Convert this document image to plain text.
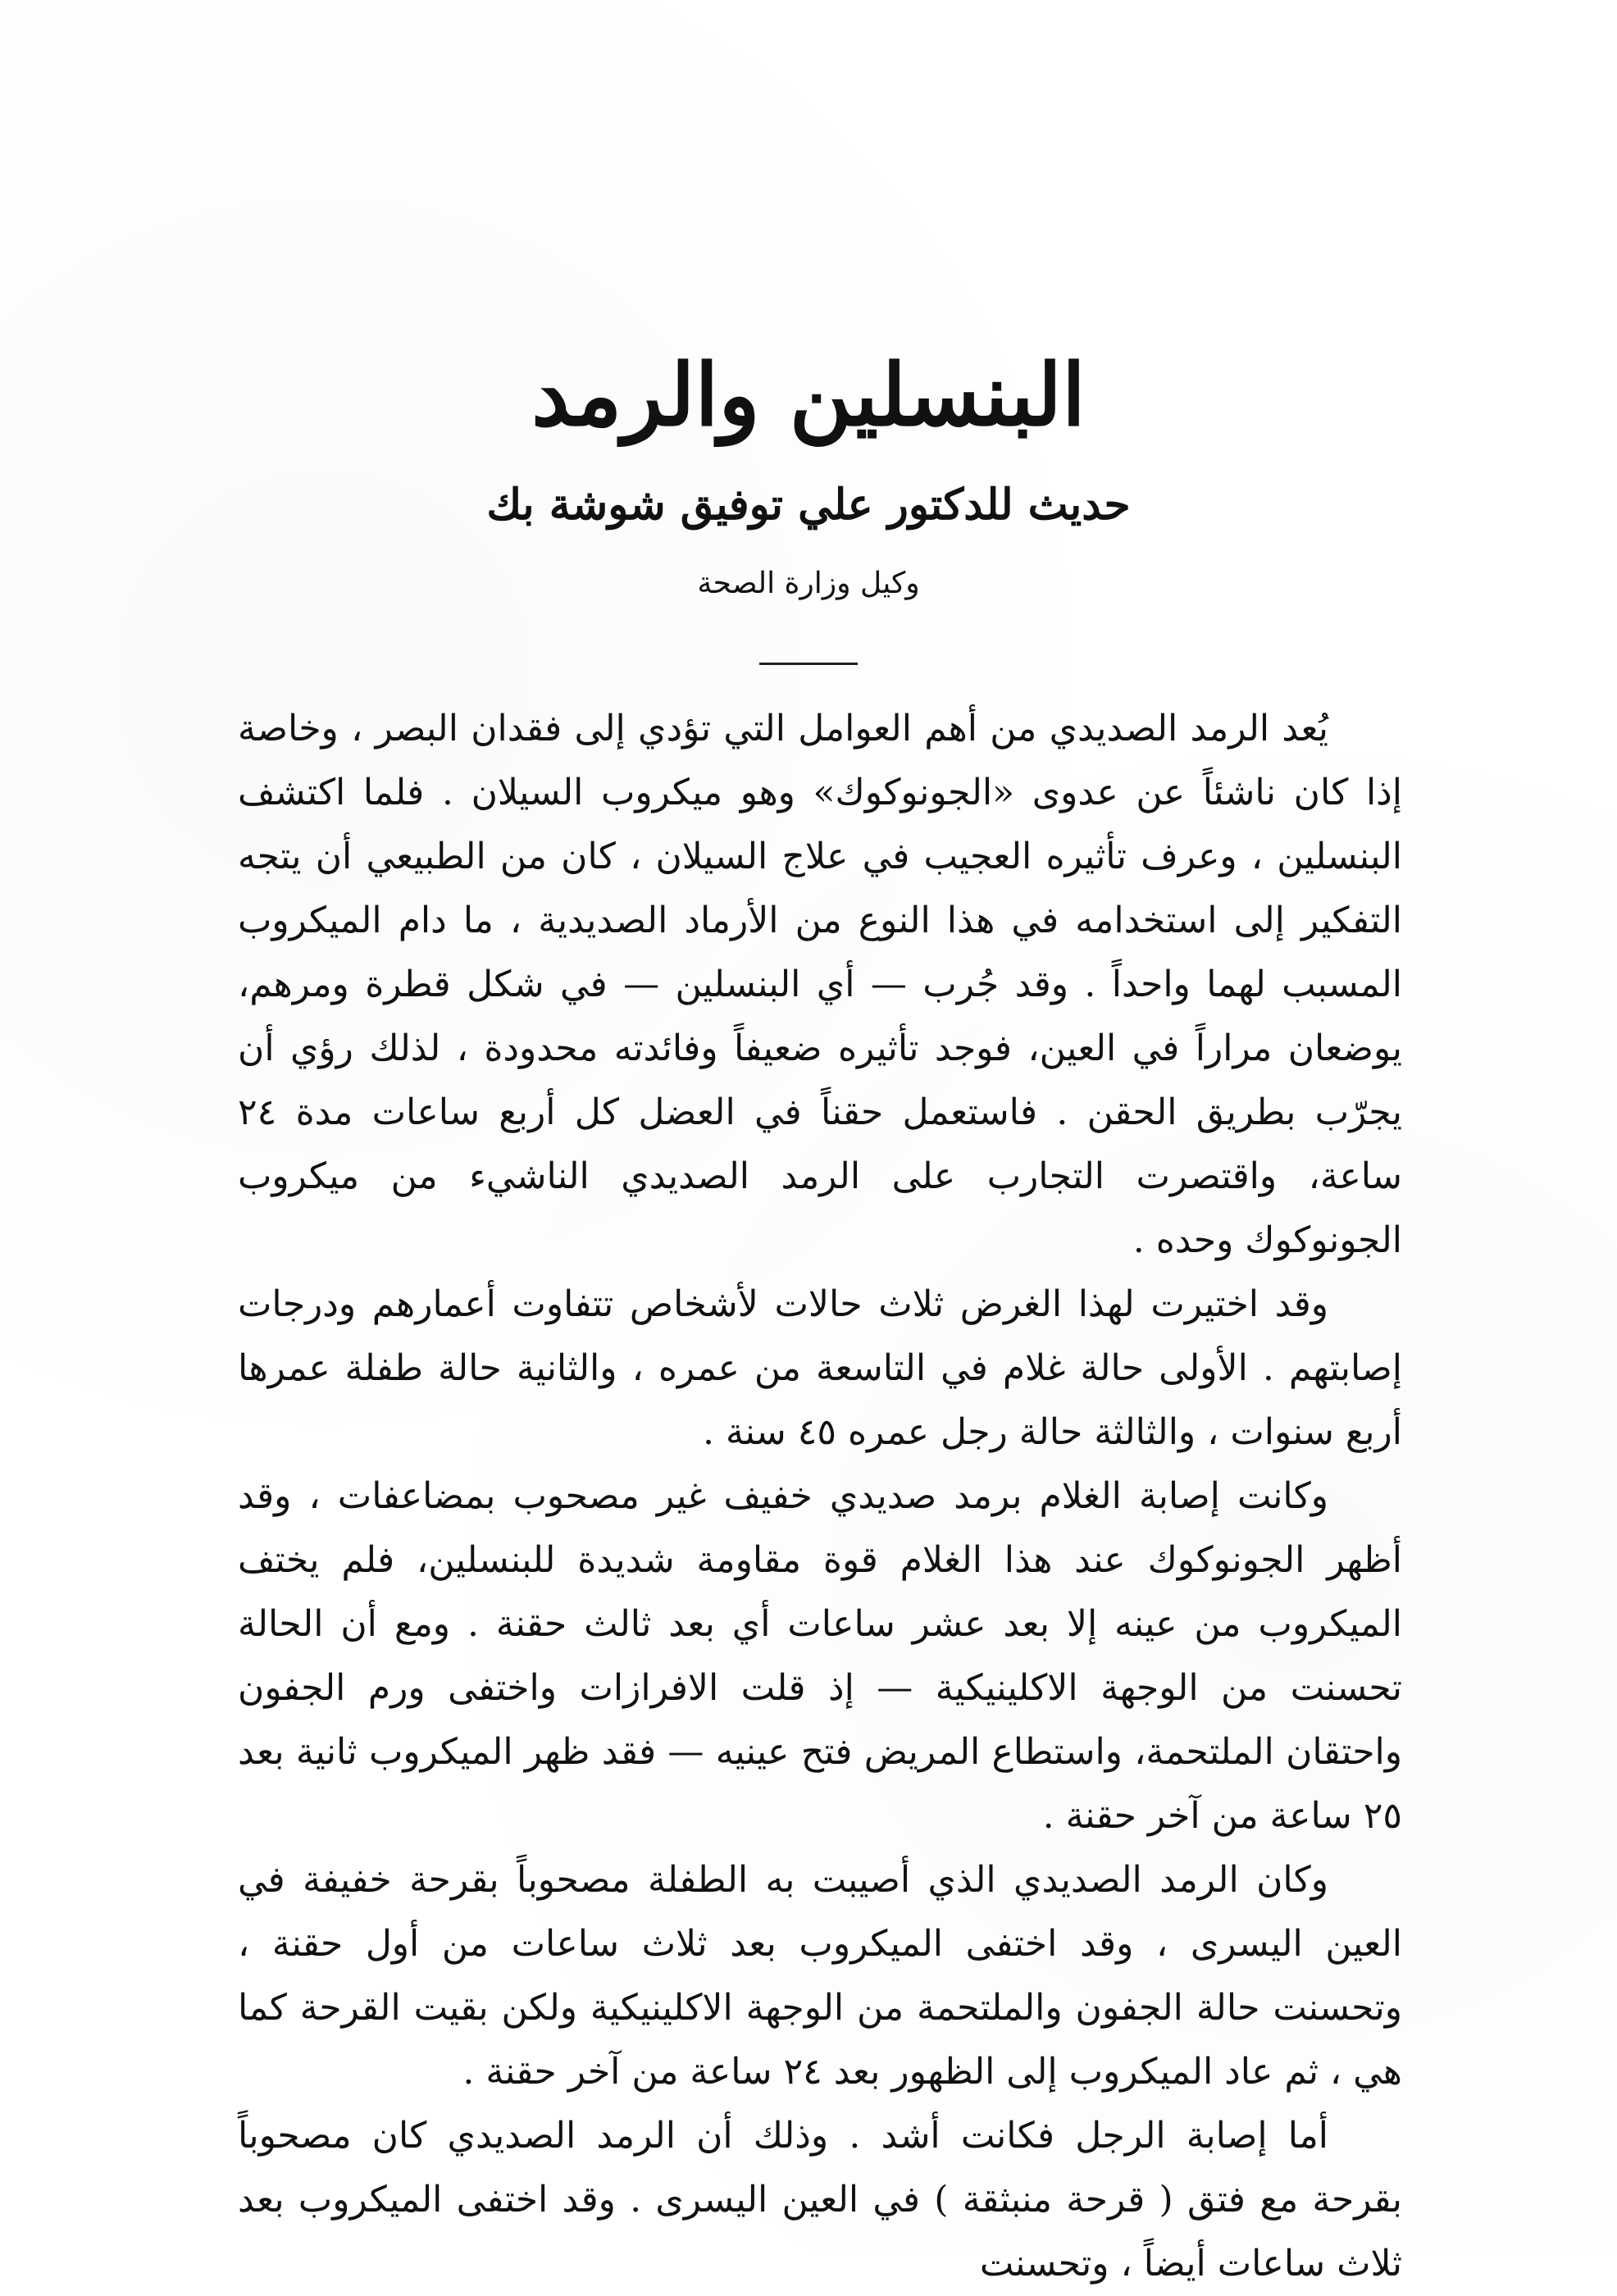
البنسلين والرمد
حديث للدكتور علي توفيق شوشة بك
وكيل وزارة الصحة

يُعد الرمد الصديدي من أهم العوامل التي تؤدي إلى فقدان البصر ، وخاصة إذا كان ناشئاً عن عدوى «الجونوكوك» وهو ميكروب السيلان . فلما اكتشف البنسلين ، وعرف تأثيره العجيب في علاج السيلان ، كان من الطبيعي أن يتجه التفكير إلى استخدامه في هذا النوع من الأرماد الصديدية ، ما دام الميكروب المسبب لهما واحداً . وقد جُرب — أي البنسلين — في شكل قطرة ومرهم، يوضعان مراراً في العين، فوجد تأثيره ضعيفاً وفائدته محدودة ، لذلك رؤي أن يجرّب بطريق الحقن . فاستعمل حقناً في العضل كل أربع ساعات مدة ٢٤ ساعة، واقتصرت التجارب على الرمد الصديدي الناشيء من ميكروب الجونوكوك وحده .

وقد اختيرت لهذا الغرض ثلاث حالات لأشخاص تتفاوت أعمارهم ودرجات إصابتهم . الأولى حالة غلام في التاسعة من عمره ، والثانية حالة طفلة عمرها أربع سنوات ، والثالثة حالة رجل عمره ٤٥ سنة .

وكانت إصابة الغلام برمد صديدي خفيف غير مصحوب بمضاعفات ، وقد أظهر الجونوكوك عند هذا الغلام قوة مقاومة شديدة للبنسلين، فلم يختف الميكروب من عينه إلا بعد عشر ساعات أي بعد ثالث حقنة . ومع أن الحالة تحسنت من الوجهة الاكلينيكية — إذ قلت الافرازات واختفى ورم الجفون واحتقان الملتحمة، واستطاع المريض فتح عينيه — فقد ظهر الميكروب ثانية بعد ٢٥ ساعة من آخر حقنة .

وكان الرمد الصديدي الذي أصيبت به الطفلة مصحوباً بقرحة خفيفة في العين اليسرى ، وقد اختفى الميكروب بعد ثلاث ساعات من أول حقنة ، وتحسنت حالة الجفون والملتحمة من الوجهة الاكلينيكية ولكن بقيت القرحة كما هي ، ثم عاد الميكروب إلى الظهور بعد ٢٤ ساعة من آخر حقنة .

أما إصابة الرجل فكانت أشد . وذلك أن الرمد الصديدي كان مصحوباً بقرحة مع فتق ( قرحة منبثقة ) في العين اليسرى . وقد اختفى الميكروب بعد ثلاث ساعات أيضاً ، وتحسنت
